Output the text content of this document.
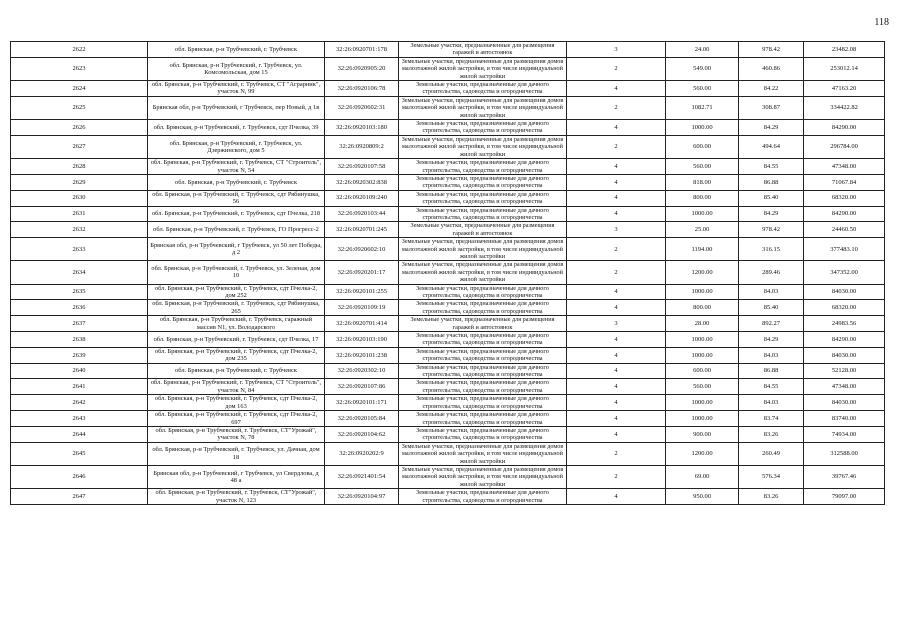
118
2622	обл. Брянская, р-н Трубчевский, г. Трубчевск	32:26:0920701:178	Земельные участки, предназначенные для размещения гаражей и автостоянок	3	24.00	978.42	23482.08
2623	обл. Брянская, р-н Трубчевский, г. Трубчевск, ул. Комсомольская, дом 15	32:26:0920905:20	Земельные участки, предназначенные для размещения домов малоэтажной жилой застройки, в том числе индивидуальной жилой застройки	2	549.00	460.86	253012.14
2624	обл. Брянская, р-н Трубчевский, г. Трубчевск, СТ "Аграрник", участок N, 99	32:26:0920106:78	Земельные участки, предназначенные для дачного строительства, садоводства и огородничества	4	560.00	84.22	47163.20
2625	Брянская обл, р-н Трубчевский, г Трубчевск, пер Новый, д 1в	32:26:0920602:31	Земельные участки, предназначенные для размещения домов малоэтажной жилой застройки, в том числе индивидуальной жилой застройки	2	1082.71	308.87	334422.82
2626	обл. Брянская, р-н Трубчевский, г. Трубчевск, сдт Пчелка, 39	32:26:0920103:180	Земельные участки, предназначенные для дачного строительства, садоводства и огородничества	4	1000.00	84.29	84290.00
2627	обл. Брянская, р-н Трубчевский, г. Трубчевск, ул. Дзержинского, дом 5	32:26:0920809:2	Земельные участки, предназначенные для размещения домов малоэтажной жилой застройки, в том числе индивидуальной жилой застройки	2	600.00	494.64	296784.00
2628	обл. Брянская, р-н Трубчевский, г. Трубчевск, СТ "Строитель", участок N, 54	32:26:0920107:58	Земельные участки, предназначенные для дачного строительства, садоводства и огородничества	4	560.00	84.55	47348.00
2629	обл. Брянская, р-н Трубчевский, г. Трубчевск	32:26:0920302:838	Земельные участки, предназначенные для дачного строительства, садоводства и огородничества	4	818.00	86.88	71067.84
2630	обл. Брянская, р-н Трубчевский, г. Трубчевск, сдт Рябинушка, 56	32:26:0920109:240	Земельные участки, предназначенные для дачного строительства, садоводства и огородничества	4	800.00	85.40	68320.00
2631	обл. Брянская, р-н Трубчевский, г. Трубчевск, сдт Пчелка, 218	32:26:0920103:44	Земельные участки, предназначенные для дачного строительства, садоводства и огородничества	4	1000.00	84.29	84290.00
2632	обл. Брянская, р-н Трубчевский, г. Трубчевск, ГО Прогресс-2	32:26:0920701:245	Земельные участки, предназначенные для размещения гаражей и автостоянок	3	25.00	978.42	24460.50
2633	Брянская обл, р-н Трубчевский, г Трубчевск, ул 50 лет Победы, д 2	32:26:0920602:10	Земельные участки, предназначенные для размещения домов малоэтажной жилой застройки, в том числе индивидуальной жилой застройки	2	1194.00	316.15	377483.10
2634	обл. Брянская, р-н Трубчевский, г. Трубчевск, ул. Зеленая, дом 10	32:26:0920201:17	Земельные участки, предназначенные для размещения домов малоэтажной жилой застройки, в том числе индивидуальной жилой застройки	2	1200.00	289.46	347352.00
2635	обл. Брянская, р-н Трубчевский, г. Трубчевск, сдт Пчелка-2, дом 252	32:26:0920101:255	Земельные участки, предназначенные для дачного строительства, садоводства и огородничества	4	1000.00	84.03	84030.00
2636	обл. Брянская, р-н Трубчевский, г. Трубчевск, сдт Рябинушка, 265	32:26:0920109:19	Земельные участки, предназначенные для дачного строительства, садоводства и огородничества	4	800.00	85.40	68320.00
2637	обл. Брянская, р-н Трубчевский, г. Трубчевск, гаражный массив N1, ул. Володарского	32:26:0920701:414	Земельные участки, предназначенные для размещения гаражей и автостоянок	3	28.00	892.27	24983.56
2638	обл. Брянская, р-н Трубчевский, г. Трубчевск, сдт Пчелка, 17	32:26:0920103:190	Земельные участки, предназначенные для дачного строительства, садоводства и огородничества	4	1000.00	84.29	84290.00
2639	обл. Брянская, р-н Трубчевский, г. Трубчевск, сдт Пчелка-2, дом 235	32:26:0920101:238	Земельные участки, предназначенные для дачного строительства, садоводства и огородничества	4	1000.00	84.03	84030.00
2640	обл. Брянская, р-н Трубчевский, г. Трубчевск	32:26:0920302:10	Земельные участки, предназначенные для дачного строительства, садоводства и огородничества	4	600.00	86.88	52128.00
2641	обл. Брянская, р-н Трубчевский, г. Трубчевск, СТ "Строитель", участок N, 84	32:26:0920107:86	Земельные участки, предназначенные для дачного строительства, садоводства и огородничества	4	560.00	84.55	47348.00
2642	обл. Брянская, р-н Трубчевский, г. Трубчевск, сдт Пчелка-2, дом 163	32:26:0920101:171	Земельные участки, предназначенные для дачного строительства, садоводства и огородничества	4	1000.00	84.03	84030.00
2643	обл. Брянская, р-н Трубчевский, г. Трубчевск, сдт Пчелка-2, 697	32:26:0920105:84	Земельные участки, предназначенные для дачного строительства, садоводства и огородничества	4	1000.00	83.74	83740.00
2644	обл. Брянская, р-н Трубчевский, г. Трубчевск, СТ"Урожай", участок N, 78	32:26:0920104:62	Земельные участки, предназначенные для дачного строительства, садоводства и огородничества	4	900.00	83.26	74934.00
2645	обл. Брянская, р-н Трубчевский, г. Трубчевск, ул. Дачная, дом 18	32:26:0920202:9	Земельные участки, предназначенные для размещения домов малоэтажной жилой застройки, в том числе индивидуальной жилой застройки	2	1200.00	260.49	312588.00
2646	Брянская обл, р-н Трубчевский, г Трубчевск, ул Свердлова, д 48 а	32:26:0921401:54	Земельные участки, предназначенные для размещения домов малоэтажной жилой застройки, в том числе индивидуальной жилой застройки	2	69.00	576.34	39767.46
2647	обл. Брянская, р-н Трубчевский, г. Трубчевск, СТ"Урожай", участок N, 123	32:26:0920104:97	Земельные участки, предназначенные для дачного строительства, садоводства и огородничества	4	950.00	83.26	79097.00
